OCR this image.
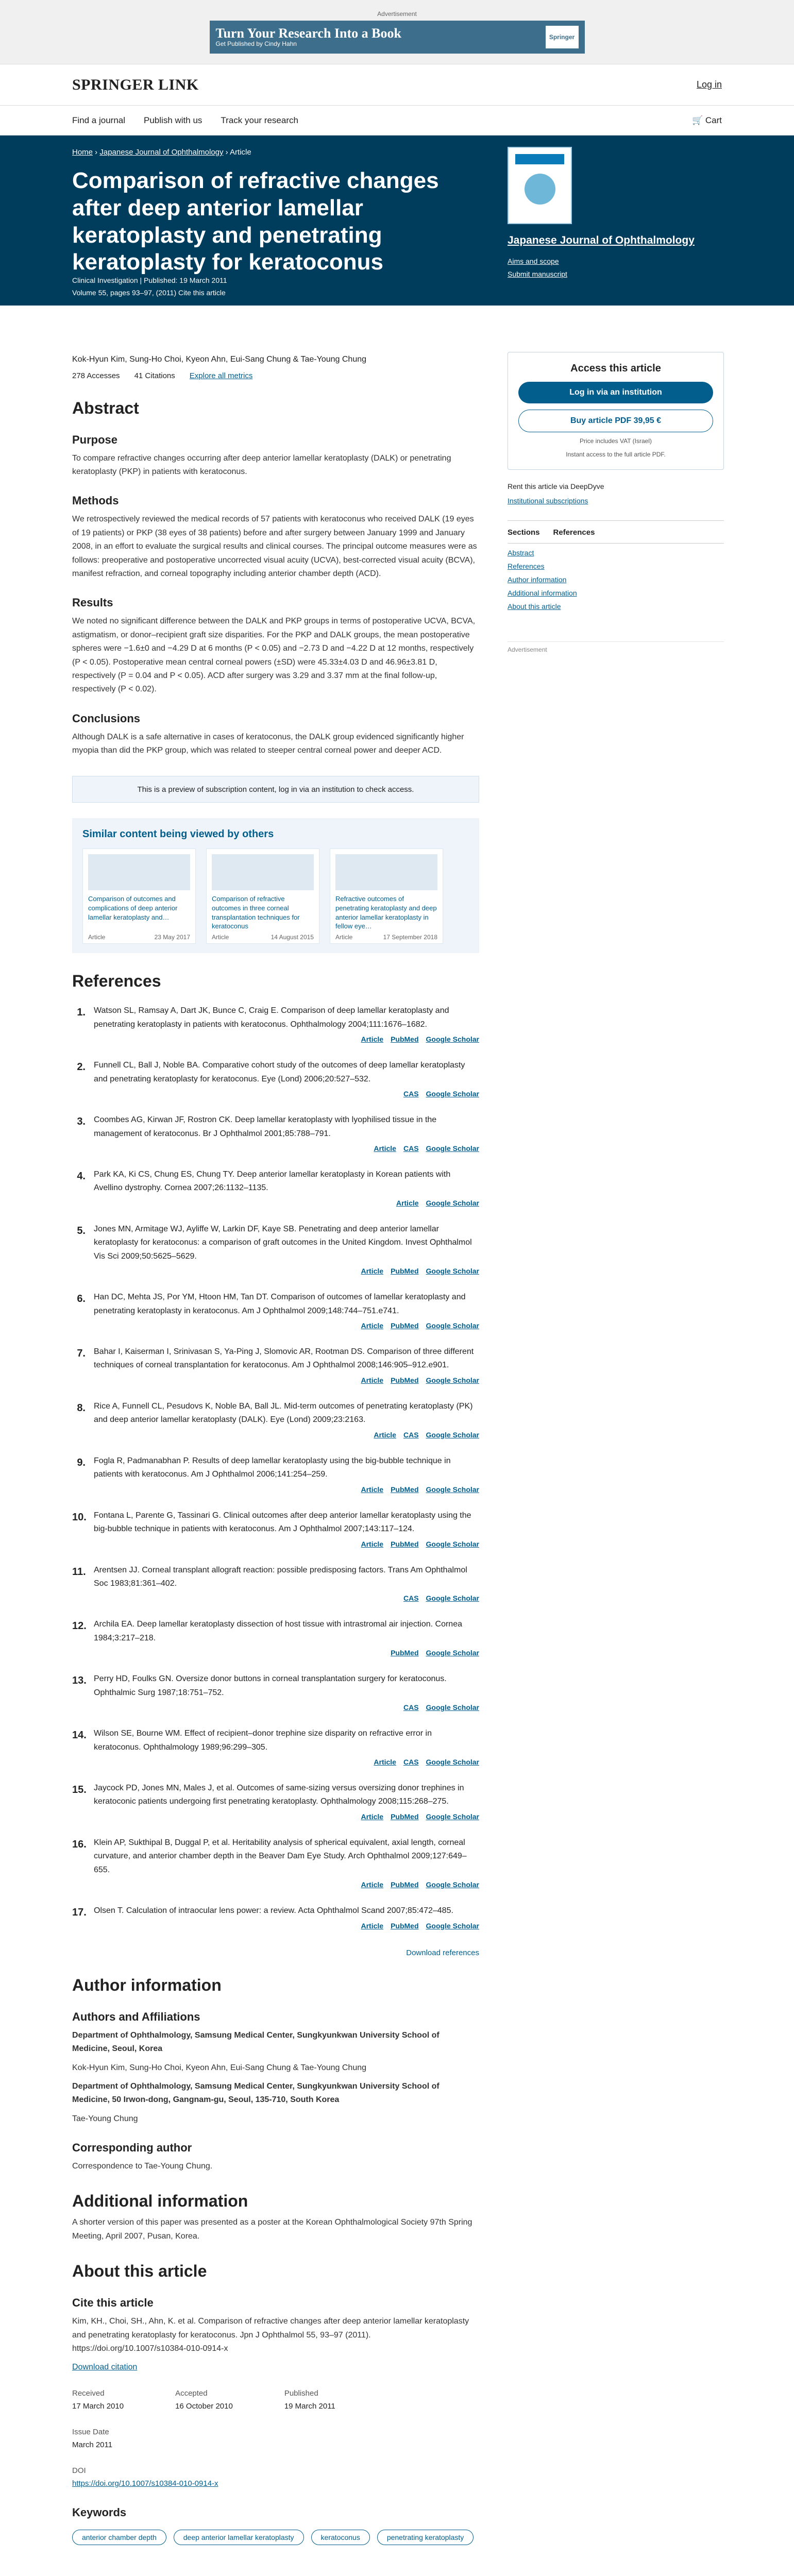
Advertisement
Turn Your Research Into a Book
Get Published by Cindy Hahn
Springer
SPRINGER LINK	Log in
Find a journal Publish with us Track your research	🛒 Cart
Home › Japanese Journal of Ophthalmology › Article
Comparison of refractive changes after deep anterior lamellar keratoplasty and penetrating keratoplasty for keratoconus
Clinical Investigation | Published: 19 March 2011
Volume 55, pages 93–97, (2011) Cite this article
Japanese Journal of Ophthalmology
Aims and scope
Submit manuscript
Kok-Hyun Kim, Sung-Ho Choi, Kyeon Ahn, Eui-Sang Chung & Tae-Young Chung
278 Accesses 41 Citations Explore all metrics
Abstract
Purpose
To compare refractive changes occurring after deep anterior lamellar keratoplasty (DALK) or penetrating keratoplasty (PKP) in patients with keratoconus.
Methods
We retrospectively reviewed the medical records of 57 patients with keratoconus who received DALK (19 eyes of 19 patients) or PKP (38 eyes of 38 patients) before and after surgery between January 1999 and January 2008, in an effort to evaluate the surgical results and clinical courses. The principal outcome measures were as follows: preoperative and postoperative uncorrected visual acuity (UCVA), best-corrected visual acuity (BCVA), manifest refraction, and corneal topography including anterior chamber depth (ACD).
Results
We noted no significant difference between the DALK and PKP groups in terms of postoperative UCVA, BCVA, astigmatism, or donor–recipient graft size disparities. For the PKP and DALK groups, the mean postoperative spheres were −1.6±0 and −4.29 D at 6 months (P < 0.05) and −2.73 D and −4.22 D at 12 months, respectively (P < 0.05). Postoperative mean central corneal powers (±SD) were 45.33±4.03 D and 46.96±3.81 D, respectively (P = 0.04 and P < 0.05). ACD after surgery was 3.29 and 3.37 mm at the final follow-up, respectively (P < 0.02).
Conclusions
Although DALK is a safe alternative in cases of keratoconus, the DALK group evidenced significantly higher myopia than did the PKP group, which was related to steeper central corneal power and deeper ACD.
This is a preview of subscription content, log in via an institution to check access.
Similar content being viewed by others
Comparison of outcomes and complications of deep anterior lamellar keratoplasty and…
Article	23 May 2017
Comparison of refractive outcomes in three corneal transplantation techniques for keratoconus
Article	14 August 2015
Refractive outcomes of penetrating keratoplasty and deep anterior lamellar keratoplasty in fellow eye…
Article	17 September 2018
References
1. Watson SL, Ramsay A, Dart JK, Bunce C, Craig E. Comparison of deep lamellar keratoplasty and penetrating keratoplasty in patients with keratoconus. Ophthalmology 2004;111:1676–1682.
Article PubMed Google Scholar
2. Funnell CL, Ball J, Noble BA. Comparative cohort study of the outcomes of deep lamellar keratoplasty and penetrating keratoplasty for keratoconus. Eye (Lond) 2006;20:527–532.
CAS Google Scholar
3. Coombes AG, Kirwan JF, Rostron CK. Deep lamellar keratoplasty with lyophilised tissue in the management of keratoconus. Br J Ophthalmol 2001;85:788–791.
Article CAS Google Scholar
4. Park KA, Ki CS, Chung ES, Chung TY. Deep anterior lamellar keratoplasty in Korean patients with Avellino dystrophy. Cornea 2007;26:1132–1135.
Article Google Scholar
5. Jones MN, Armitage WJ, Ayliffe W, Larkin DF, Kaye SB. Penetrating and deep anterior lamellar keratoplasty for keratoconus: a comparison of graft outcomes in the United Kingdom. Invest Ophthalmol Vis Sci 2009;50:5625–5629.
Article PubMed Google Scholar
6. Han DC, Mehta JS, Por YM, Htoon HM, Tan DT. Comparison of outcomes of lamellar keratoplasty and penetrating keratoplasty in keratoconus. Am J Ophthalmol 2009;148:744–751.e741.
Article PubMed Google Scholar
7. Bahar I, Kaiserman I, Srinivasan S, Ya-Ping J, Slomovic AR, Rootman DS. Comparison of three different techniques of corneal transplantation for keratoconus. Am J Ophthalmol 2008;146:905–912.e901.
Article PubMed Google Scholar
8. Rice A, Funnell CL, Pesudovs K, Noble BA, Ball JL. Mid-term outcomes of penetrating keratoplasty (PK) and deep anterior lamellar keratoplasty (DALK). Eye (Lond) 2009;23:2163.
Article CAS Google Scholar
9. Fogla R, Padmanabhan P. Results of deep lamellar keratoplasty using the big-bubble technique in patients with keratoconus. Am J Ophthalmol 2006;141:254–259.
Article PubMed Google Scholar
10. Fontana L, Parente G, Tassinari G. Clinical outcomes after deep anterior lamellar keratoplasty using the big-bubble technique in patients with keratoconus. Am J Ophthalmol 2007;143:117–124.
Article PubMed Google Scholar
11. Arentsen JJ. Corneal transplant allograft reaction: possible predisposing factors. Trans Am Ophthalmol Soc 1983;81:361–402.
CAS Google Scholar
12. Archila EA. Deep lamellar keratoplasty dissection of host tissue with intrastromal air injection. Cornea 1984;3:217–218.
PubMed Google Scholar
13. Perry HD, Foulks GN. Oversize donor buttons in corneal transplantation surgery for keratoconus. Ophthalmic Surg 1987;18:751–752.
CAS Google Scholar
14. Wilson SE, Bourne WM. Effect of recipient–donor trephine size disparity on refractive error in keratoconus. Ophthalmology 1989;96:299–305.
Article CAS Google Scholar
15. Jaycock PD, Jones MN, Males J, et al. Outcomes of same-sizing versus oversizing donor trephines in keratoconic patients undergoing first penetrating keratoplasty. Ophthalmology 2008;115:268–275.
Article PubMed Google Scholar
16. Klein AP, Sukthipal B, Duggal P, et al. Heritability analysis of spherical equivalent, axial length, corneal curvature, and anterior chamber depth in the Beaver Dam Eye Study. Arch Ophthalmol 2009;127:649–655.
Article PubMed Google Scholar
17. Olsen T. Calculation of intraocular lens power: a review. Acta Ophthalmol Scand 2007;85:472–485.
Article PubMed Google Scholar
Download references
Author information
Authors and Affiliations
Department of Ophthalmology, Samsung Medical Center, Sungkyunkwan University School of Medicine, Seoul, Korea
Kok-Hyun Kim, Sung-Ho Choi, Kyeon Ahn, Eui-Sang Chung & Tae-Young Chung
Department of Ophthalmology, Samsung Medical Center, Sungkyunkwan University School of Medicine, 50 Irwon-dong, Gangnam-gu, Seoul, 135-710, South Korea
Tae-Young Chung
Corresponding author
Correspondence to Tae-Young Chung.
Additional information
A shorter version of this paper was presented as a poster at the Korean Ophthalmological Society 97th Spring Meeting, April 2007, Pusan, Korea.
About this article
Cite this article
Kim, KH., Choi, SH., Ahn, K. et al. Comparison of refractive changes after deep anterior lamellar keratoplasty and penetrating keratoplasty for keratoconus. Jpn J Ophthalmol 55, 93–97 (2011). https://doi.org/10.1007/s10384-010-0914-x
Download citation
Received
17 March 2010
Accepted
16 October 2010
Published
19 March 2011
Issue Date
March 2011
DOI
https://doi.org/10.1007/s10384-010-0914-x
Keywords
anterior chamber depth	deep anterior lamellar keratoplasty	keratoconus	penetrating keratoplasty
Access this article
Log in via an institution
Buy article PDF 39,95 €
Price includes VAT (Israel)
Instant access to the full article PDF.
Rent this article via DeepDyve
Institutional subscriptions
Sections References
Abstract
References
Author information
Additional information
About this article
Advertisement
